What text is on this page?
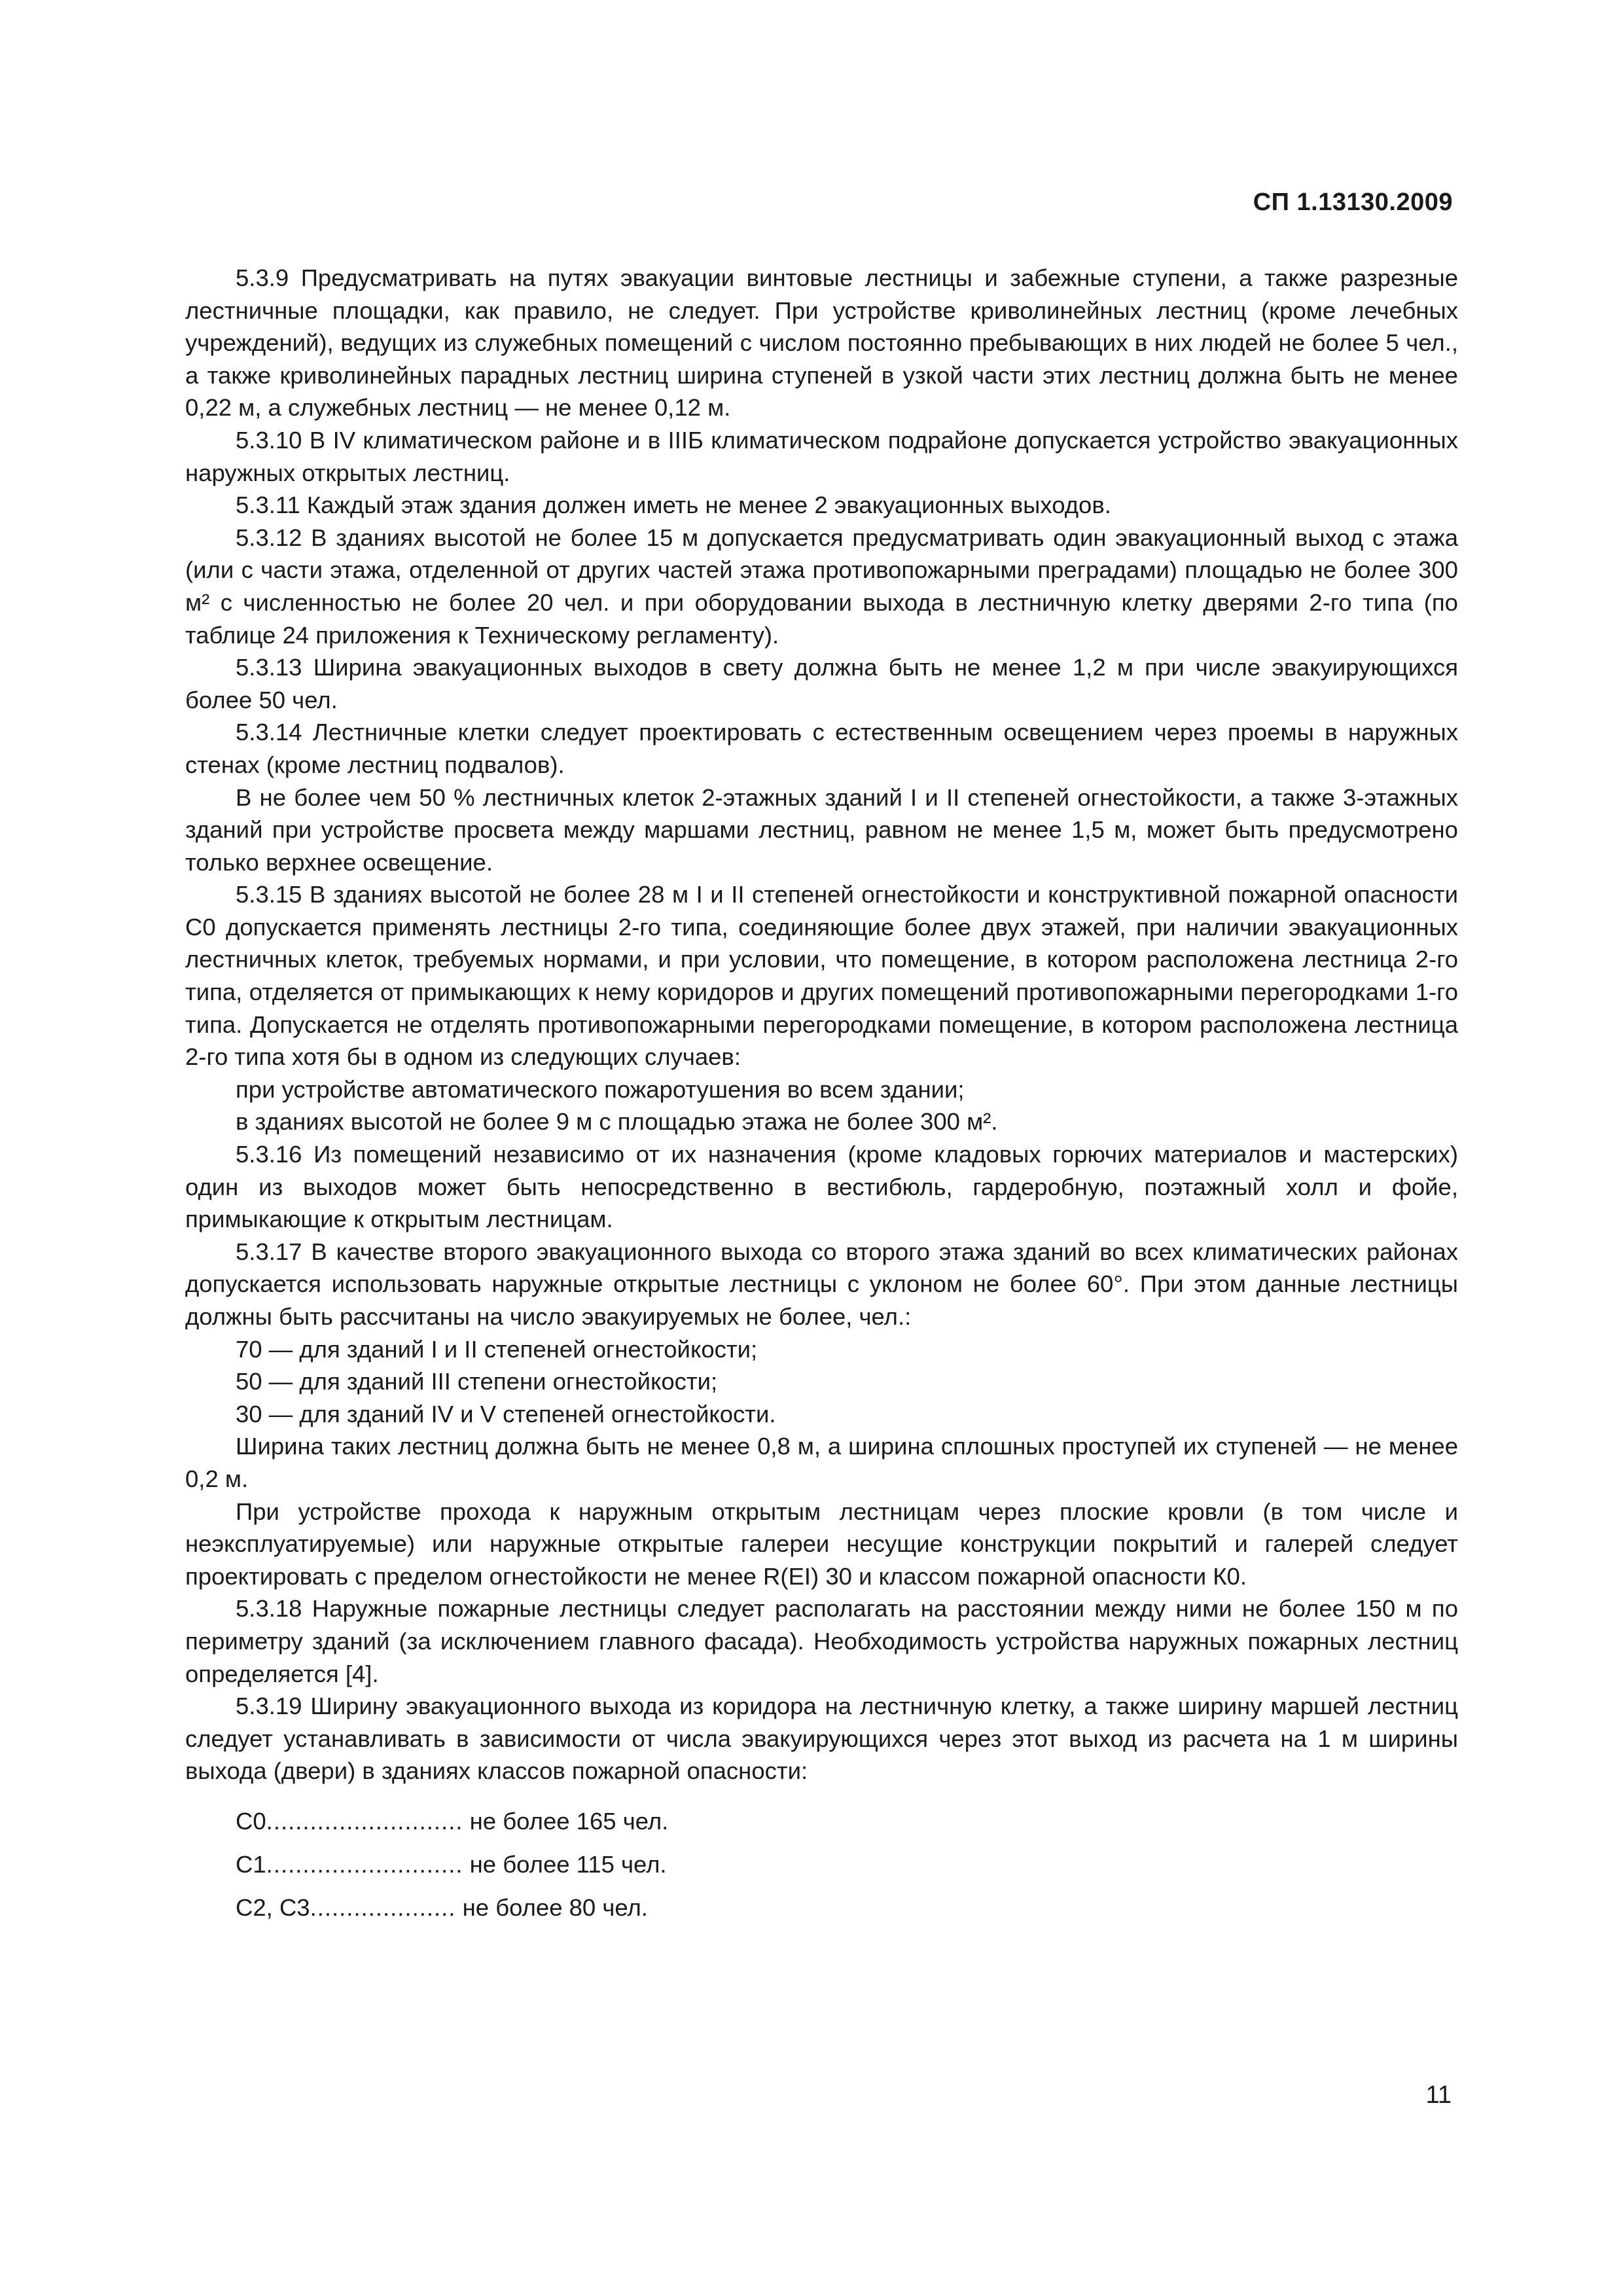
СП 1.13130.2009

5.3.9 Предусматривать на путях эвакуации винтовые лестницы и забежные ступени, а также разрезные лестничные площадки, как правило, не следует. При устройстве криволинейных лестниц (кроме лечебных учреждений), ведущих из служебных помещений с числом постоянно пребывающих в них людей не более 5 чел., а также криволинейных парадных лестниц ширина ступеней в узкой части этих лестниц должна быть не менее 0,22 м, а служебных лестниц — не менее 0,12 м.

5.3.10 В IV климатическом районе и в IIIБ климатическом подрайоне допускается устройство эвакуационных наружных открытых лестниц.

5.3.11 Каждый этаж здания должен иметь не менее 2 эвакуационных выходов.

5.3.12 В зданиях высотой не более 15 м допускается предусматривать один эвакуационный выход с этажа (или с части этажа, отделенной от других частей этажа противопожарными преградами) площадью не более 300 м² с численностью не более 20 чел. и при оборудовании выхода в лестничную клетку дверями 2-го типа (по таблице 24 приложения к Техническому регламенту).

5.3.13 Ширина эвакуационных выходов в свету должна быть не менее 1,2 м при числе эвакуирующихся более 50 чел.

5.3.14 Лестничные клетки следует проектировать с естественным освещением через проемы в наружных стенах (кроме лестниц подвалов).

В не более чем 50 % лестничных клеток 2-этажных зданий I и II степеней огнестойкости, а также 3-этажных зданий при устройстве просвета между маршами лестниц, равном не менее 1,5 м, может быть предусмотрено только верхнее освещение.

5.3.15 В зданиях высотой не более 28 м I и II степеней огнестойкости и конструктивной пожарной опасности С0 допускается применять лестницы 2-го типа, соединяющие более двух этажей, при наличии эвакуационных лестничных клеток, требуемых нормами, и при условии, что помещение, в котором расположена лестница 2-го типа, отделяется от примыкающих к нему коридоров и других помещений противопожарными перегородками 1-го типа. Допускается не отделять противопожарными перегородками помещение, в котором расположена лестница 2-го типа хотя бы в одном из следующих случаев:

при устройстве автоматического пожаротушения во всем здании;

в зданиях высотой не более 9 м с площадью этажа не более 300 м².

5.3.16 Из помещений независимо от их назначения (кроме кладовых горючих материалов и мастерских) один из выходов может быть непосредственно в вестибюль, гардеробную, поэтажный холл и фойе, примыкающие к открытым лестницам.

5.3.17 В качестве второго эвакуационного выхода со второго этажа зданий во всех климатических районах допускается использовать наружные открытые лестницы с уклоном не более 60°. При этом данные лестницы должны быть рассчитаны на число эвакуируемых не более, чел.:

70 — для зданий I и II степеней огнестойкости;

50 — для зданий III степени огнестойкости;

30 — для зданий IV и V степеней огнестойкости.

Ширина таких лестниц должна быть не менее 0,8 м, а ширина сплошных проступей их ступеней — не менее 0,2 м.

При устройстве прохода к наружным открытым лестницам через плоские кровли (в том числе и неэксплуатируемые) или наружные открытые галереи несущие конструкции покрытий и галерей следует проектировать с пределом огнестойкости не менее R(EI) 30 и классом пожарной опасности К0.

5.3.18 Наружные пожарные лестницы следует располагать на расстоянии между ними не более 150 м по периметру зданий (за исключением главного фасада). Необходимость устройства наружных пожарных лестниц определяется [4].

5.3.19 Ширину эвакуационного выхода из коридора на лестничную клетку, а также ширину маршей лестниц следует устанавливать в зависимости от числа эвакуирующихся через этот выход из расчета на 1 м ширины выхода (двери) в зданиях классов пожарной опасности:

С0........................... не более 165 чел.
С1........................... не более 115 чел.
С2, С3.................... не более 80 чел.
11
